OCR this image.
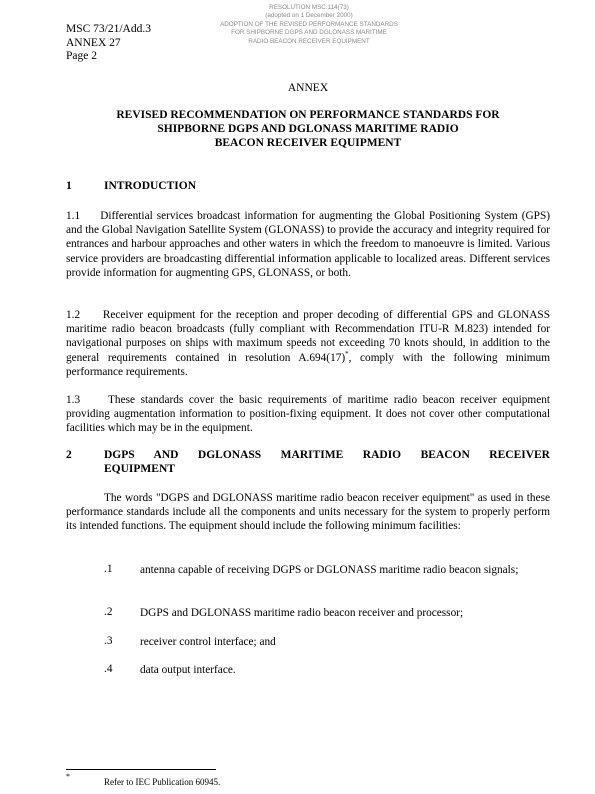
MSC 73/21/Add.3
ANNEX 27
Page 2
RESOLUTION MSC.114(73)
(adopted on 1 December 2000)
ADOPTION OF THE REVISED PERFORMANCE STANDARDS
FOR SHIPBORNE DGPS AND DGLONASS MARITIME
RADIO BEACON RECEIVER EQUIPMENT
ANNEX
REVISED RECOMMENDATION ON PERFORMANCE STANDARDS FOR
SHIPBORNE DGPS AND DGLONASS MARITIME RADIO
BEACON RECEIVER EQUIPMENT
1	INTRODUCTION
1.1     Differential services broadcast information for augmenting the Global Positioning System (GPS) and the Global Navigation Satellite System (GLONASS) to provide the accuracy and integrity required for entrances and harbour approaches and other waters in which the freedom to manoeuvre is limited. Various service providers are broadcasting differential information applicable to localized areas. Different services provide information for augmenting GPS, GLONASS, or both.
1.2     Receiver equipment for the reception and proper decoding of differential GPS and GLONASS maritime radio beacon broadcasts (fully compliant with Recommendation ITU-R M.823) intended for navigational purposes on ships with maximum speeds not exceeding 70 knots should, in addition to the general requirements contained in resolution A.694(17)*, comply with the following minimum performance requirements.
1.3     These standards cover the basic requirements of maritime radio beacon receiver equipment providing augmentation information to position-fixing equipment. It does not cover other computational facilities which may be in the equipment.
2	DGPS AND DGLONASS MARITIME RADIO BEACON RECEIVER
EQUIPMENT
The words "DGPS and DGLONASS maritime radio beacon receiver equipment" as used in these performance standards include all the components and units necessary for the system to properly perform its intended functions. The equipment should include the following minimum facilities:
.1 antenna capable of receiving DGPS or DGLONASS maritime radio beacon signals;
.2 DGPS and DGLONASS maritime radio beacon receiver and processor;
.3 receiver control interface; and
.4 data output interface.
*
Refer to IEC Publication 60945.
